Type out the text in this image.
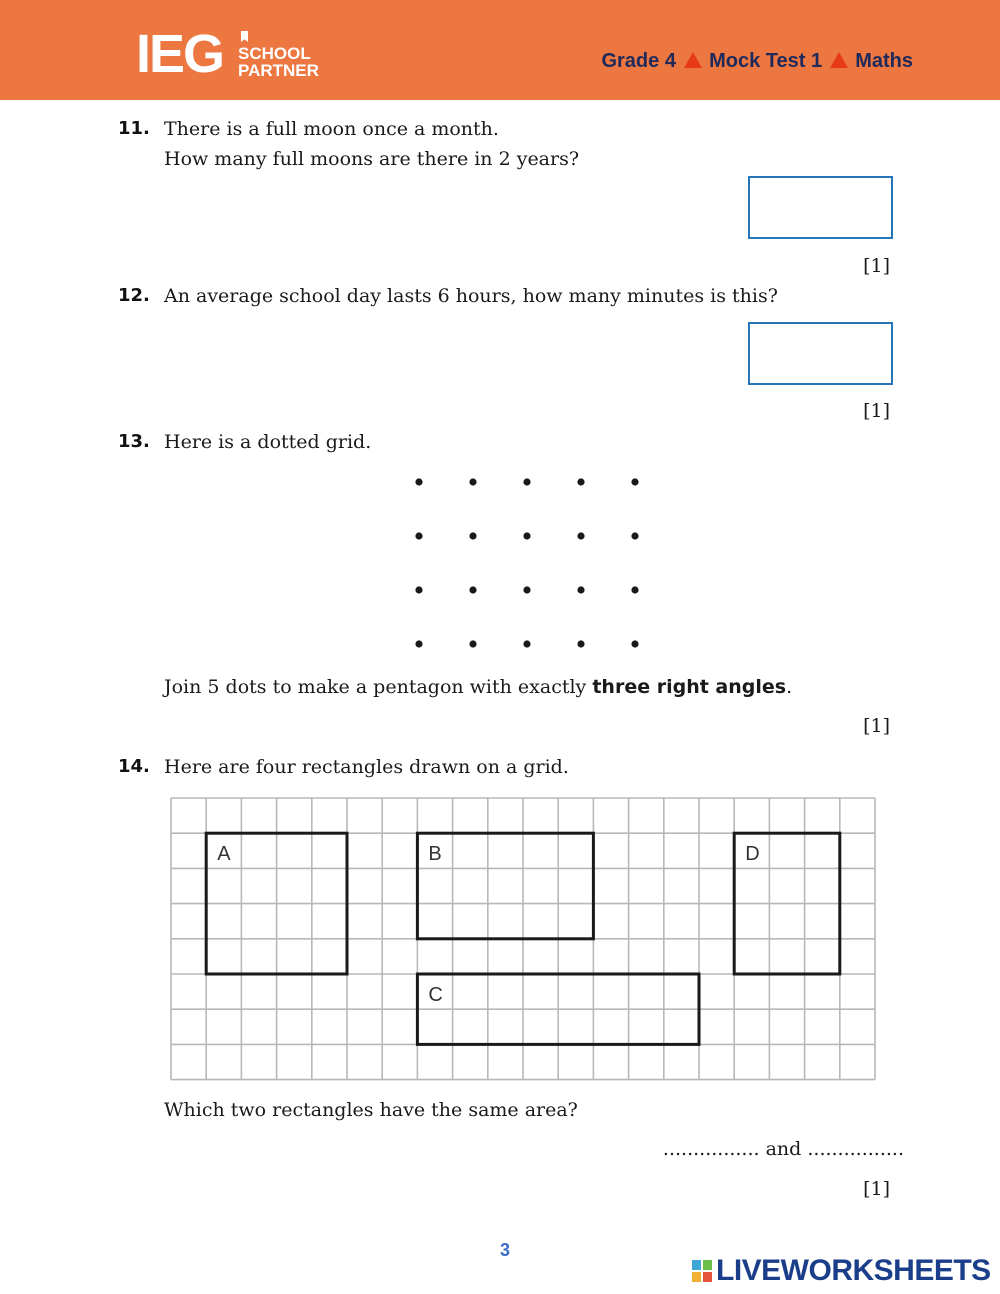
IEG SCHOOL
PARTNER	Grade 4 Mock Test 1 Maths
11. There is a full moon once a month.
How many full moons are there in 2 years?
[1]
12. An average school day lasts 6 hours, how many minutes is this?
[1]
13. Here is a dotted grid.
Join 5 dots to make a pentagon with exactly three right angles.
[1]
14. Here are four rectangles drawn on a grid.
A	B
C
D
Which two rectangles have the same area?
................ and ................
[1]
3
LIVEWORKSHEETS
